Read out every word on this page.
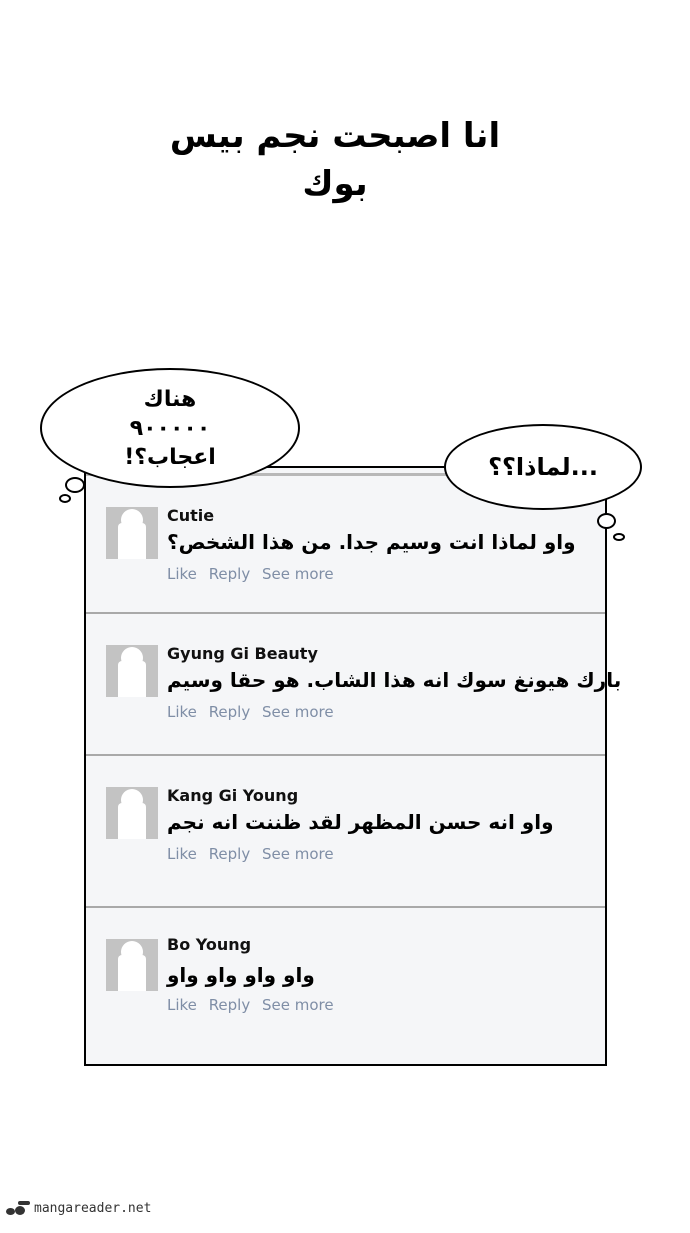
انا اصبحت نجم بيس بوك
Cutie
واو لماذا انت وسيم جدا. من هذا الشخص؟
Like Reply See more
Gyung Gi Beauty
بارك هيونغ سوك انه هذا الشاب. هو حقا وسيم
Like Reply See more
Kang Gi Young
واو انه حسن المظهر لقد ظننت انه نجم
Like Reply See more
Bo Young
واو واو واو واو
Like Reply See more
هناك
٩٠٠٠٠٠
اعجاب؟!	...لماذا؟؟
mangareader.net
